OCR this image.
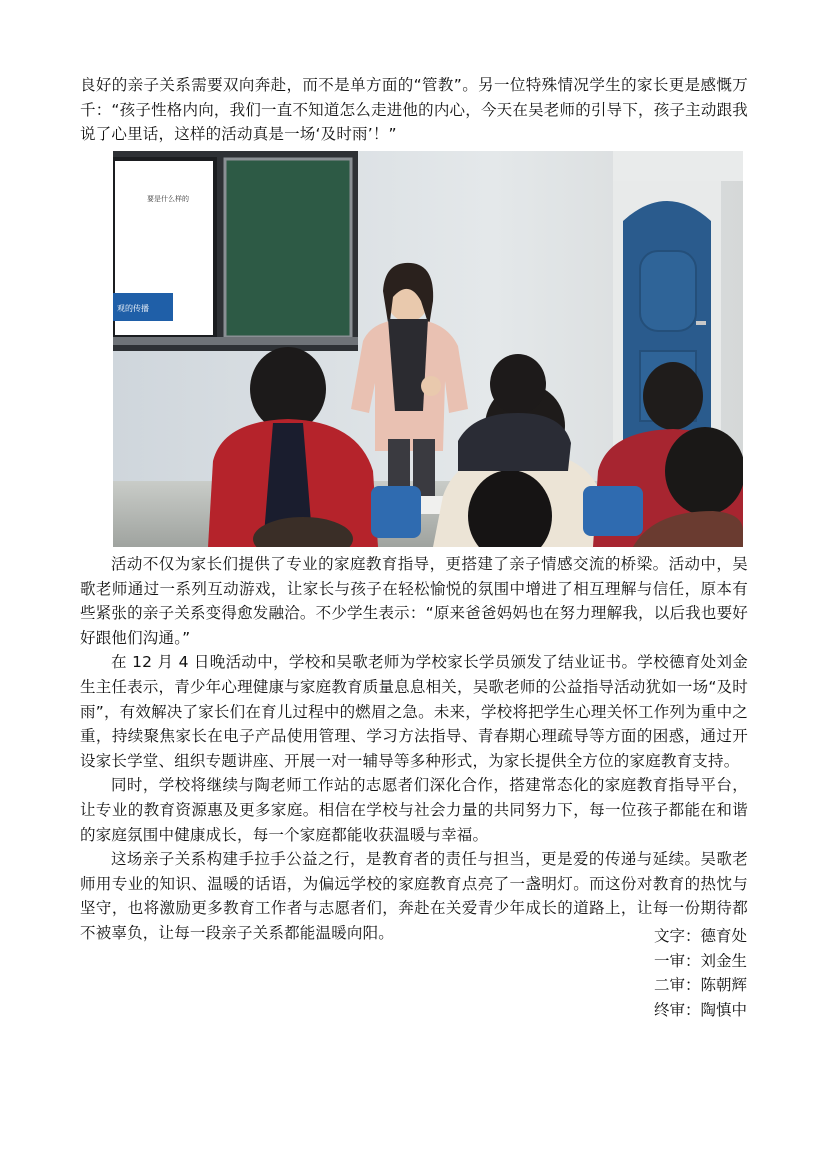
良好的亲子关系需要双向奔赴，而不是单方面的“管教”。另一位特殊情况学生的家长更是感慨万千：“孩子性格内向，我们一直不知道怎么走进他的内心，今天在吴老师的引导下，孩子主动跟我说了心里话，这样的活动真是一场‘及时雨’！”

要是什么样的
观的传播

活动不仅为家长们提供了专业的家庭教育指导，更搭建了亲子情感交流的桥梁。活动中，吴歌老师通过一系列互动游戏，让家长与孩子在轻松愉悦的氛围中增进了相互理解与信任，原本有些紧张的亲子关系变得愈发融洽。不少学生表示：“原来爸爸妈妈也在努力理解我，以后我也要好好跟他们沟通。”

在 12 月 4 日晚活动中，学校和吴歌老师为学校家长学员颁发了结业证书。学校德育处刘金生主任表示，青少年心理健康与家庭教育质量息息相关，吴歌老师的公益指导活动犹如一场“及时雨”，有效解决了家长们在育儿过程中的燃眉之急。未来，学校将把学生心理关怀工作列为重中之重，持续聚焦家长在电子产品使用管理、学习方法指导、青春期心理疏导等方面的困惑，通过开设家长学堂、组织专题讲座、开展一对一辅导等多种形式，为家长提供全方位的家庭教育支持。

同时，学校将继续与陶老师工作站的志愿者们深化合作，搭建常态化的家庭教育指导平台，让专业的教育资源惠及更多家庭。相信在学校与社会力量的共同努力下，每一位孩子都能在和谐的家庭氛围中健康成长，每一个家庭都能收获温暖与幸福。

这场亲子关系构建手拉手公益之行，是教育者的责任与担当，更是爱的传递与延续。吴歌老师用专业的知识、温暖的话语，为偏远学校的家庭教育点亮了一盏明灯。而这份对教育的热忱与坚守，也将激励更多教育工作者与志愿者们，奔赴在关爱青少年成长的道路上，让每一份期待都不被辜负，让每一段亲子关系都能温暖向阳。	文字：德育处
一审：刘金生
二审：陈朝辉
终审：陶慎中
